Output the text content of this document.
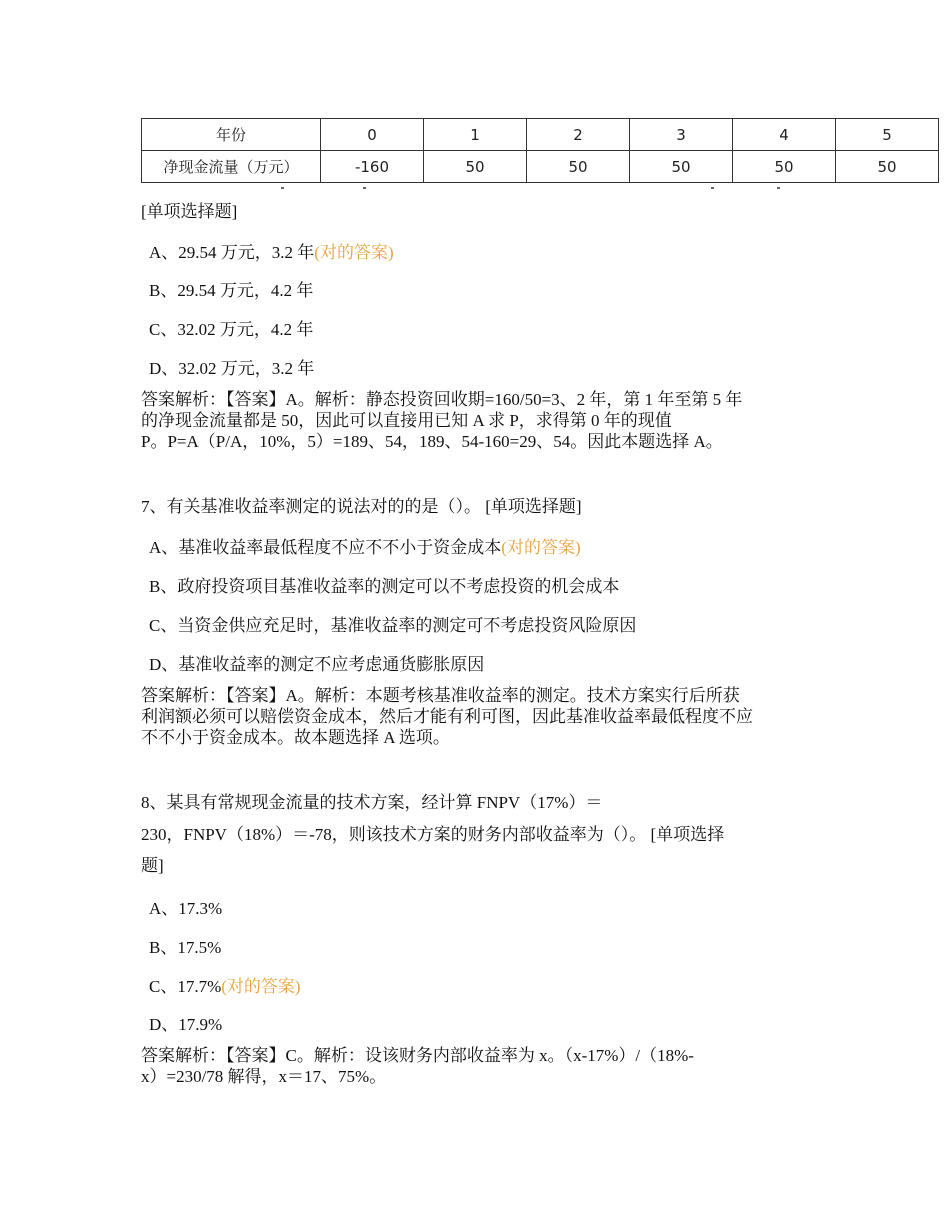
年份	0	1	2	3	4	5
净现金流量（万元）	-160	50	50	50	50	50
[单项选择题]
A、29.54 万元，3.2 年(对的答案)
B、29.54 万元，4.2 年
C、32.02 万元，4.2 年
D、32.02 万元，3.2 年
答案解析：【答案】A。解析：静态投资回收期=160/50=3、2 年，第 1 年至第 5 年
的净现金流量都是 50，因此可以直接用已知 A 求 P，求得第 0 年的现值
P。P=A（P/A，10%，5）=189、54，189、54-160=29、54。因此本题选择 A。
7、有关基准收益率测定的说法对的的是（）。 [单项选择题]
A、基准收益率最低程度不应不不小于资金成本(对的答案)
B、政府投资项目基准收益率的测定可以不考虑投资的机会成本
C、当资金供应充足时，基准收益率的测定可不考虑投资风险原因
D、基准收益率的测定不应考虑通货膨胀原因
答案解析：【答案】A。解析：本题考核基准收益率的测定。技术方案实行后所获
利润额必须可以赔偿资金成本，然后才能有利可图，因此基准收益率最低程度不应
不不小于资金成本。故本题选择 A 选项。
8、某具有常规现金流量的技术方案，经计算 FNPV（17%）＝
230，FNPV（18%）＝-78，则该技术方案的财务内部收益率为（）。 [单项选择
题]
A、17.3%
B、17.5%
C、17.7%(对的答案)
D、17.9%
答案解析：【答案】C。解析：设该财务内部收益率为 x。（x-17%）/（18%-
x）=230/78 解得，x＝17、75%。
